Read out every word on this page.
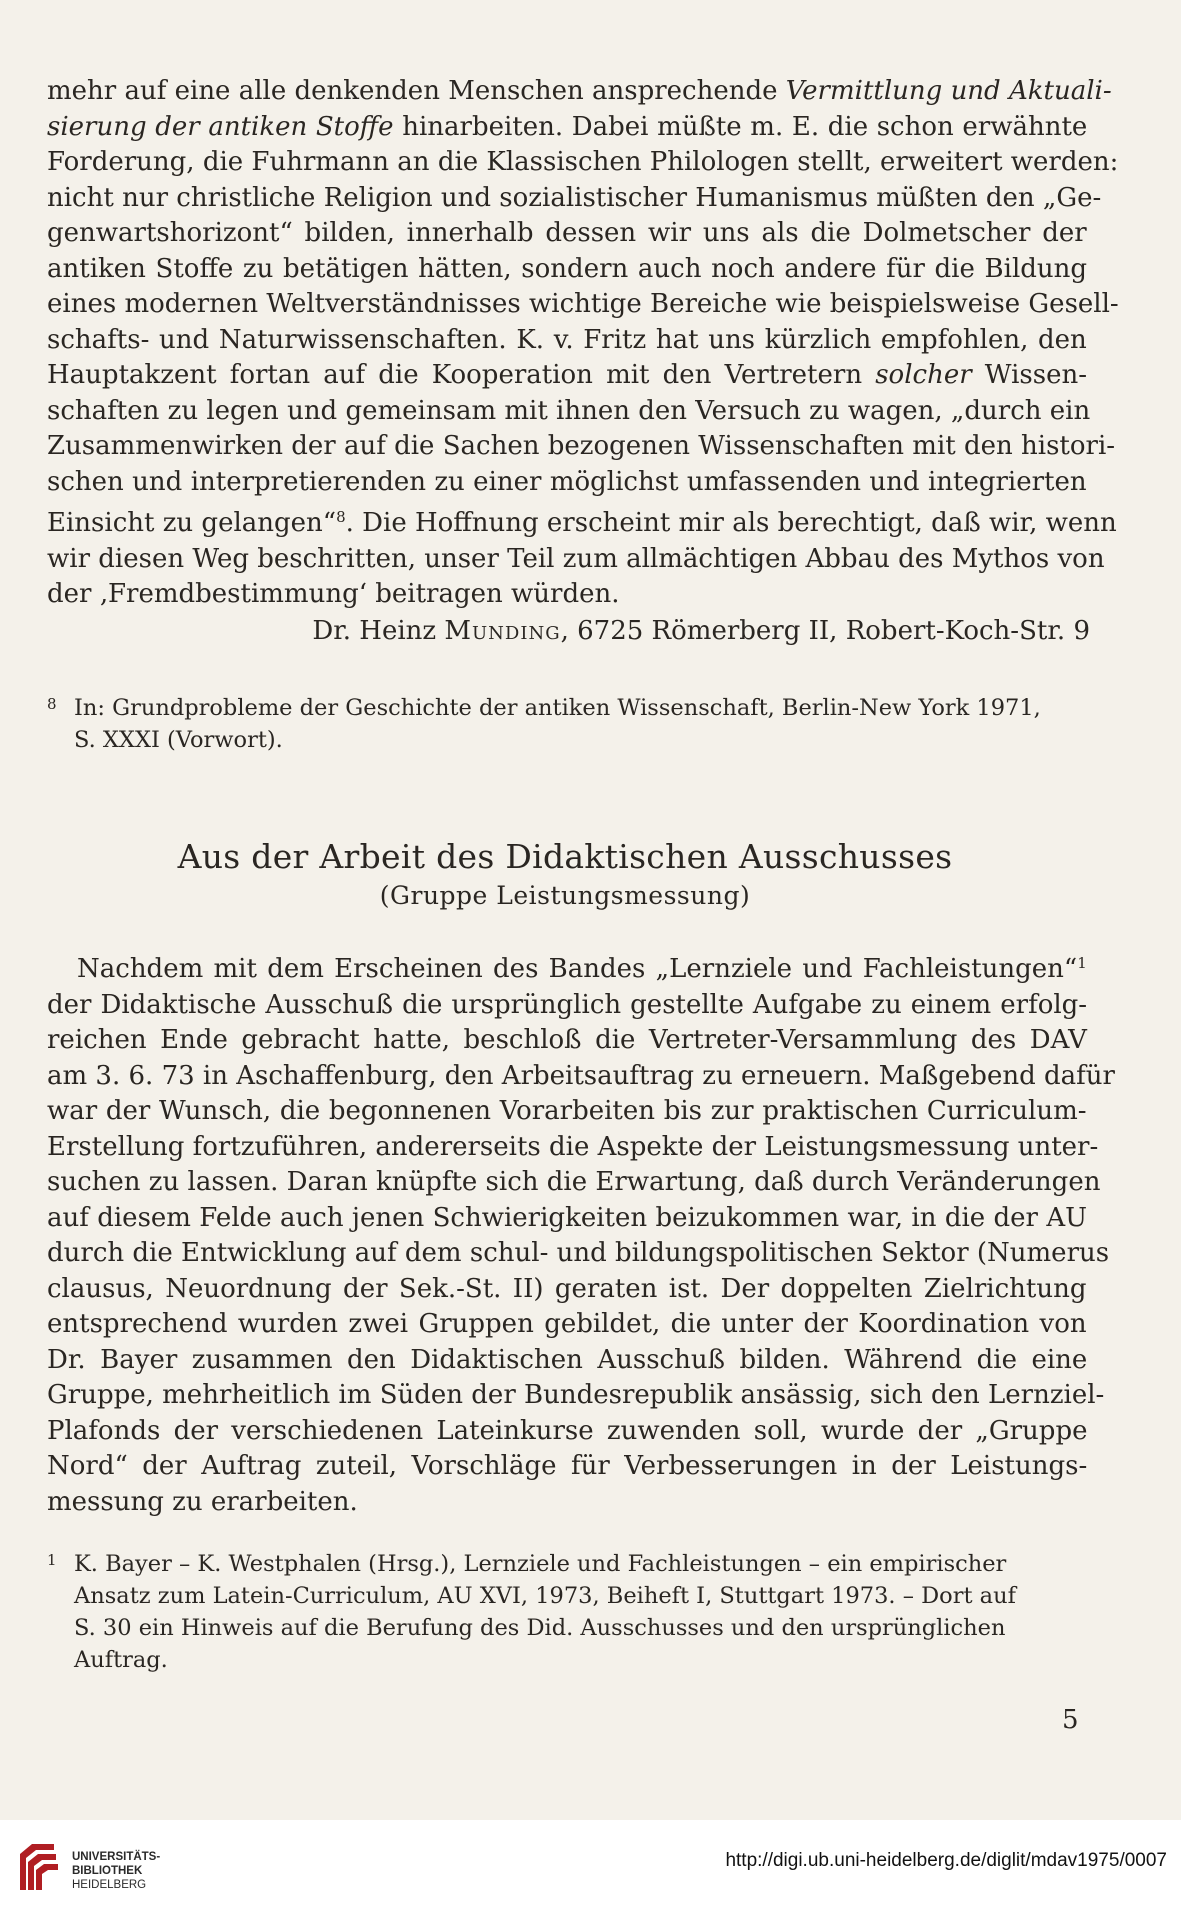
mehr auf eine alle denkenden Menschen ansprechende Vermittlung und Aktuali-
sierung der antiken Stoffe hinarbeiten. Dabei müßte m. E. die schon erwähnte
Forderung, die Fuhrmann an die Klassischen Philologen stellt, erweitert werden:
nicht nur christliche Religion und sozialistischer Humanismus müßten den „Ge-
genwartshorizont“ bilden, innerhalb dessen wir uns als die Dolmetscher der
antiken Stoffe zu betätigen hätten, sondern auch noch andere für die Bildung
eines modernen Weltverständnisses wichtige Bereiche wie beispielsweise Gesell-
schafts- und Naturwissenschaften. K. v. Fritz hat uns kürzlich empfohlen, den
Hauptakzent fortan auf die Kooperation mit den Vertretern solcher Wissen-
schaften zu legen und gemeinsam mit ihnen den Versuch zu wagen, „durch ein
Zusammenwirken der auf die Sachen bezogenen Wissenschaften mit den histori-
schen und interpretierenden zu einer möglichst umfassenden und integrierten
Einsicht zu gelangen“$^8$. Die Hoffnung erscheint mir als berechtigt, daß wir, wenn
wir diesen Weg beschritten, unser Teil zum allmächtigen Abbau des Mythos von
der ‚Fremdbestimmung‘ beitragen würden.
Dr. Heinz Munding, 6725 Römerberg II, Robert-Koch-Str. 9
8 In: Grundprobleme der Geschichte der antiken Wissenschaft, Berlin-New York 1971,
S. XXXI (Vorwort).
Aus der Arbeit des Didaktischen Ausschusses
(Gruppe Leistungsmessung)
Nachdem mit dem Erscheinen des Bandes „Lernziele und Fachleistungen“$^1$
der Didaktische Ausschuß die ursprünglich gestellte Aufgabe zu einem erfolg-
reichen Ende gebracht hatte, beschloß die Vertreter-Versammlung des DAV
am 3. 6. 73 in Aschaffenburg, den Arbeitsauftrag zu erneuern. Maßgebend dafür
war der Wunsch, die begonnenen Vorarbeiten bis zur praktischen Curriculum-
Erstellung fortzuführen, andererseits die Aspekte der Leistungsmessung unter-
suchen zu lassen. Daran knüpfte sich die Erwartung, daß durch Veränderungen
auf diesem Felde auch jenen Schwierigkeiten beizukommen war, in die der AU
durch die Entwicklung auf dem schul- und bildungspolitischen Sektor (Numerus
clausus, Neuordnung der Sek.-St. II) geraten ist. Der doppelten Zielrichtung
entsprechend wurden zwei Gruppen gebildet, die unter der Koordination von
Dr. Bayer zusammen den Didaktischen Ausschuß bilden. Während die eine
Gruppe, mehrheitlich im Süden der Bundesrepublik ansässig, sich den Lernziel-
Plafonds der verschiedenen Lateinkurse zuwenden soll, wurde der „Gruppe
Nord“ der Auftrag zuteil, Vorschläge für Verbesserungen in der Leistungs-
messung zu erarbeiten.
1 K. Bayer – K. Westphalen (Hrsg.), Lernziele und Fachleistungen – ein empirischer
Ansatz zum Latein-Curriculum, AU XVI, 1973, Beiheft I, Stuttgart 1973. – Dort auf
S. 30 ein Hinweis auf die Berufung des Did. Ausschusses und den ursprünglichen
Auftrag.
5
UNIVERSITÄTS-
BIBLIOTHEK
HEIDELBERG
http://digi.ub.uni-heidelberg.de/diglit/mdav1975/0007
